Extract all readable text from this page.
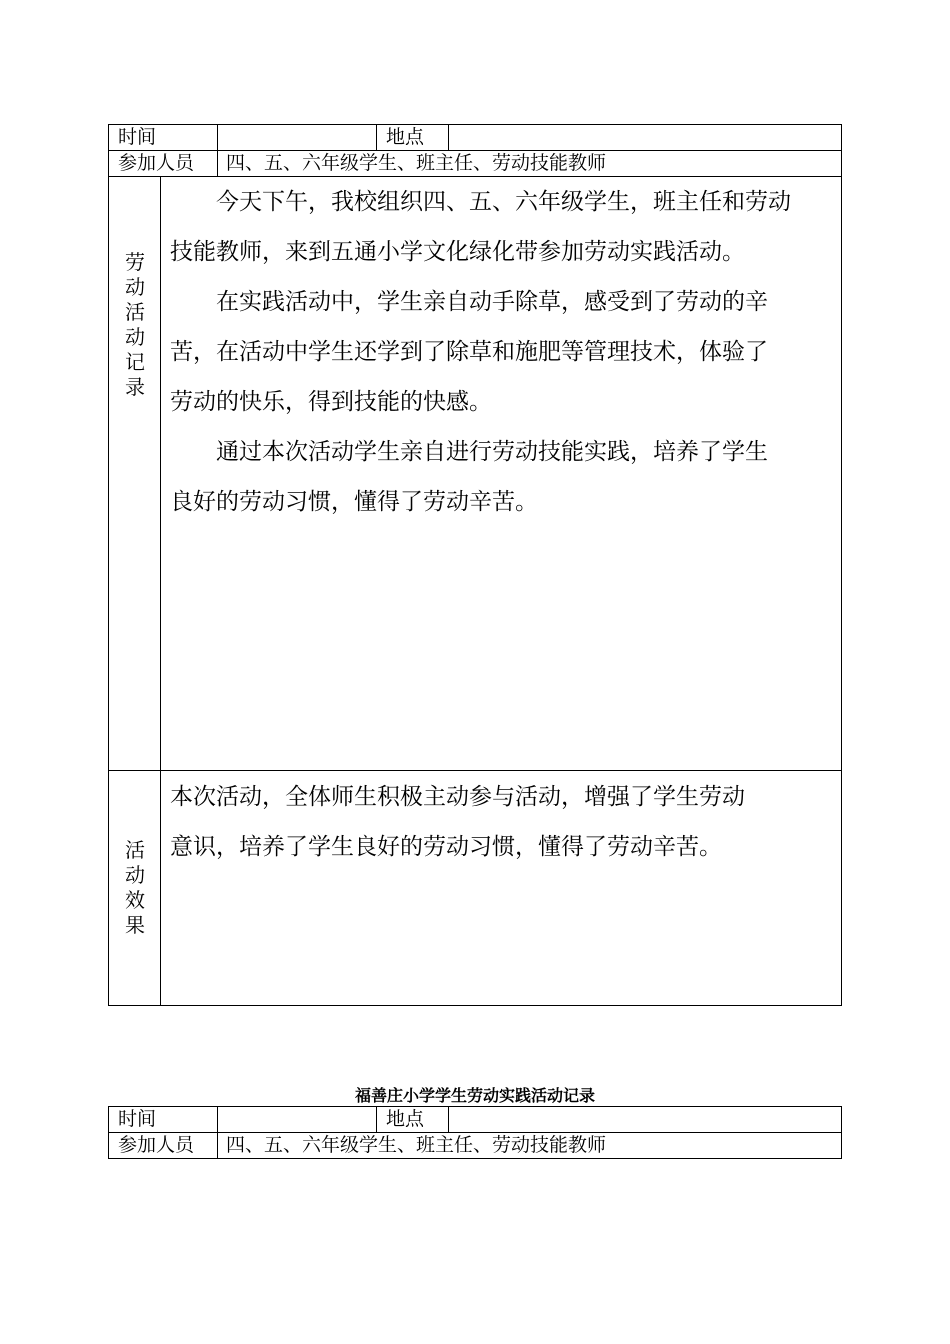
时间	地点
参加人员 四、五、六年级学生、班主任、劳动技能教师
劳动活动记录
　　今天下午，我校组织四、五、六年级学生，班主任和劳动
技能教师，来到五通小学文化绿化带参加劳动实践活动。
　　在实践活动中，学生亲自动手除草，感受到了劳动的辛
苦，在活动中学生还学到了除草和施肥等管理技术，体验了
劳动的快乐，得到技能的快感。
　　通过本次活动学生亲自进行劳动技能实践，培养了学生
良好的劳动习惯，懂得了劳动辛苦。
活动效果
本次活动，全体师生积极主动参与活动，增强了学生劳动
意识，培养了学生良好的劳动习惯，懂得了劳动辛苦。
福善庄小学学生劳动实践活动记录
时间	地点
参加人员 四、五、六年级学生、班主任、劳动技能教师
